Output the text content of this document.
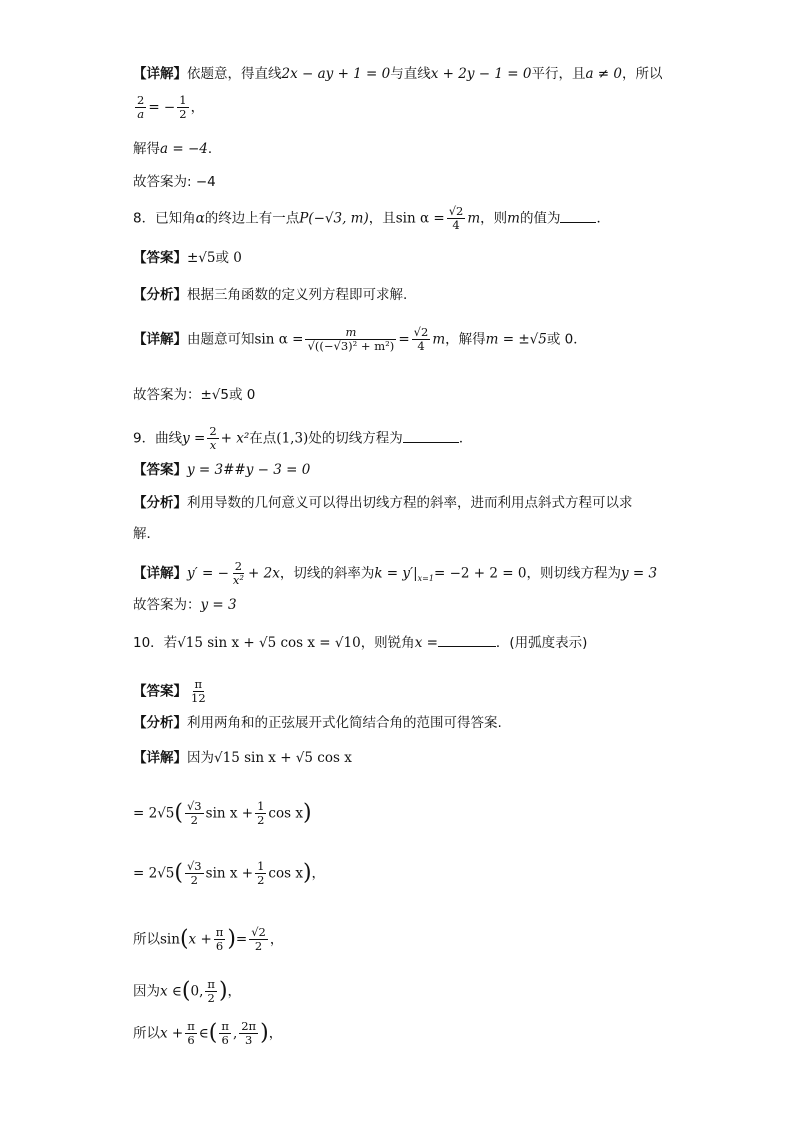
【详解】依题意，得直线2x − ay + 1 = 0与直线x + 2y − 1 = 0平行，且a ≠ 0，所以
$\frac{2}{a}$ = − $\frac{1}{2}$ ，
解得a = −4．
故答案为: −4
8．已知角α的终边上有一点P(−√3, m)，且$\sin \alpha = \frac{√2}{4}$ m，则m的值为	．
【答案】±√5或 0
【分析】根据三角函数的定义列方程即可求解.
【详解】由题意可知$\sin \alpha = \frac{m}{\text{√((−√3)² + m²)}} = \frac{√2}{4}$ m，解得m = ±√5或 0．
故答案为：±√5或 0
9．曲线$y = \frac{2}{x} + x^2$在点(1,3)处的切线方程为	．
【答案】y = 3##y − 3 = 0
【分析】利用导数的几何意义可以得出切线方程的斜率，进而利用点斜式方程可以求
解．
【详解】y′ = − $\frac{2}{\text{x²}} + 2x$，切线的斜率为$k = y'|_{x=1}= -2 + 2 = 0$，则切线方程为y = 3
故答案为：y = 3
10．若√15 sin x + √5 cos x = √10，则锐角x =	．(用弧度表示)
【答案】 $\frac{\pi}{12}$
【分析】利用两角和的正弦展开式化简结合角的范围可得答案.
【详解】因为√15 sin x + √5 cos x
= $2√5( \frac{√3}{2}$ $\sin x + \frac{1}{2}$ cos x)
= $2√5( \frac{√3}{2}$ $\sin x + \frac{1}{2}$ cos x)，
所以$\sin(x + \frac{\pi}{6}$ )= $\frac{√2}{2}$ ，
因为x ∈(0, $\frac{\pi}{2}$ )，
所以$x + \frac{\pi}{6}$ ∈( $\frac{\pi}{6}$ , $\frac{2\pi}{3}$ )，
